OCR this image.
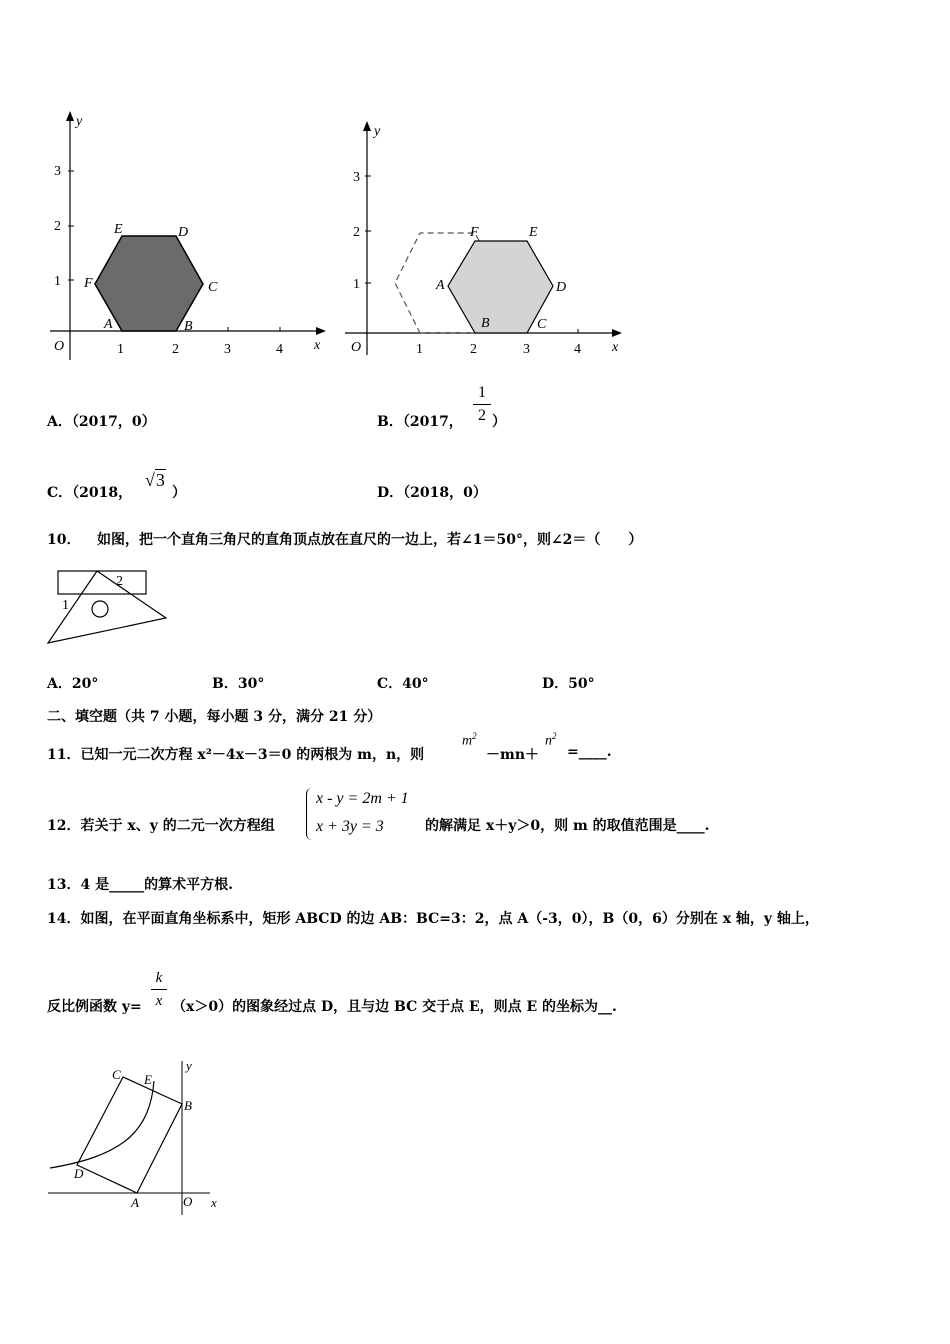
3
2
1
1	2	3	4 x
y
O
E	D
F	C
A	B
3
2
1
1	2	3	4 x
y
O
F	E
A	D
B	C
A．（2017，0）	B．（2017，
1
2 ）
C．（2018，
√3
）	D．（2018，0）
10． 如图，把一个直角三角尺的直角顶点放在直尺的一边上，若∠1＝50°，则∠2＝（　　）
1
2
A．20°	B．30°	C．40°	D．50°
二、填空题（共 7 小题，每小题 3 分，满分 21 分）
11．已知一元二次方程 x²－4x－3＝0 的两根为 m，n，则
$m^2$
－mn＋
$n^2$
=____.
12．若关于 x、y 的二元一次方程组
x - y = 2m + 1
x + 3y = 3	的解满足 x＋y＞0，则 m 的取值范围是____.
13．4 是_____的算术平方根.
14．如图，在平面直角坐标系中，矩形 ABCD 的边 AB：BC=3：2，点 A（-3，0），B（0，6）分别在 x 轴，y 轴上，
反比例函数 y=
k
x （x＞0）的图象经过点 D，且与边 BC 交于点 E，则点 E 的坐标为__.
C E
B
D
A	O x
y
